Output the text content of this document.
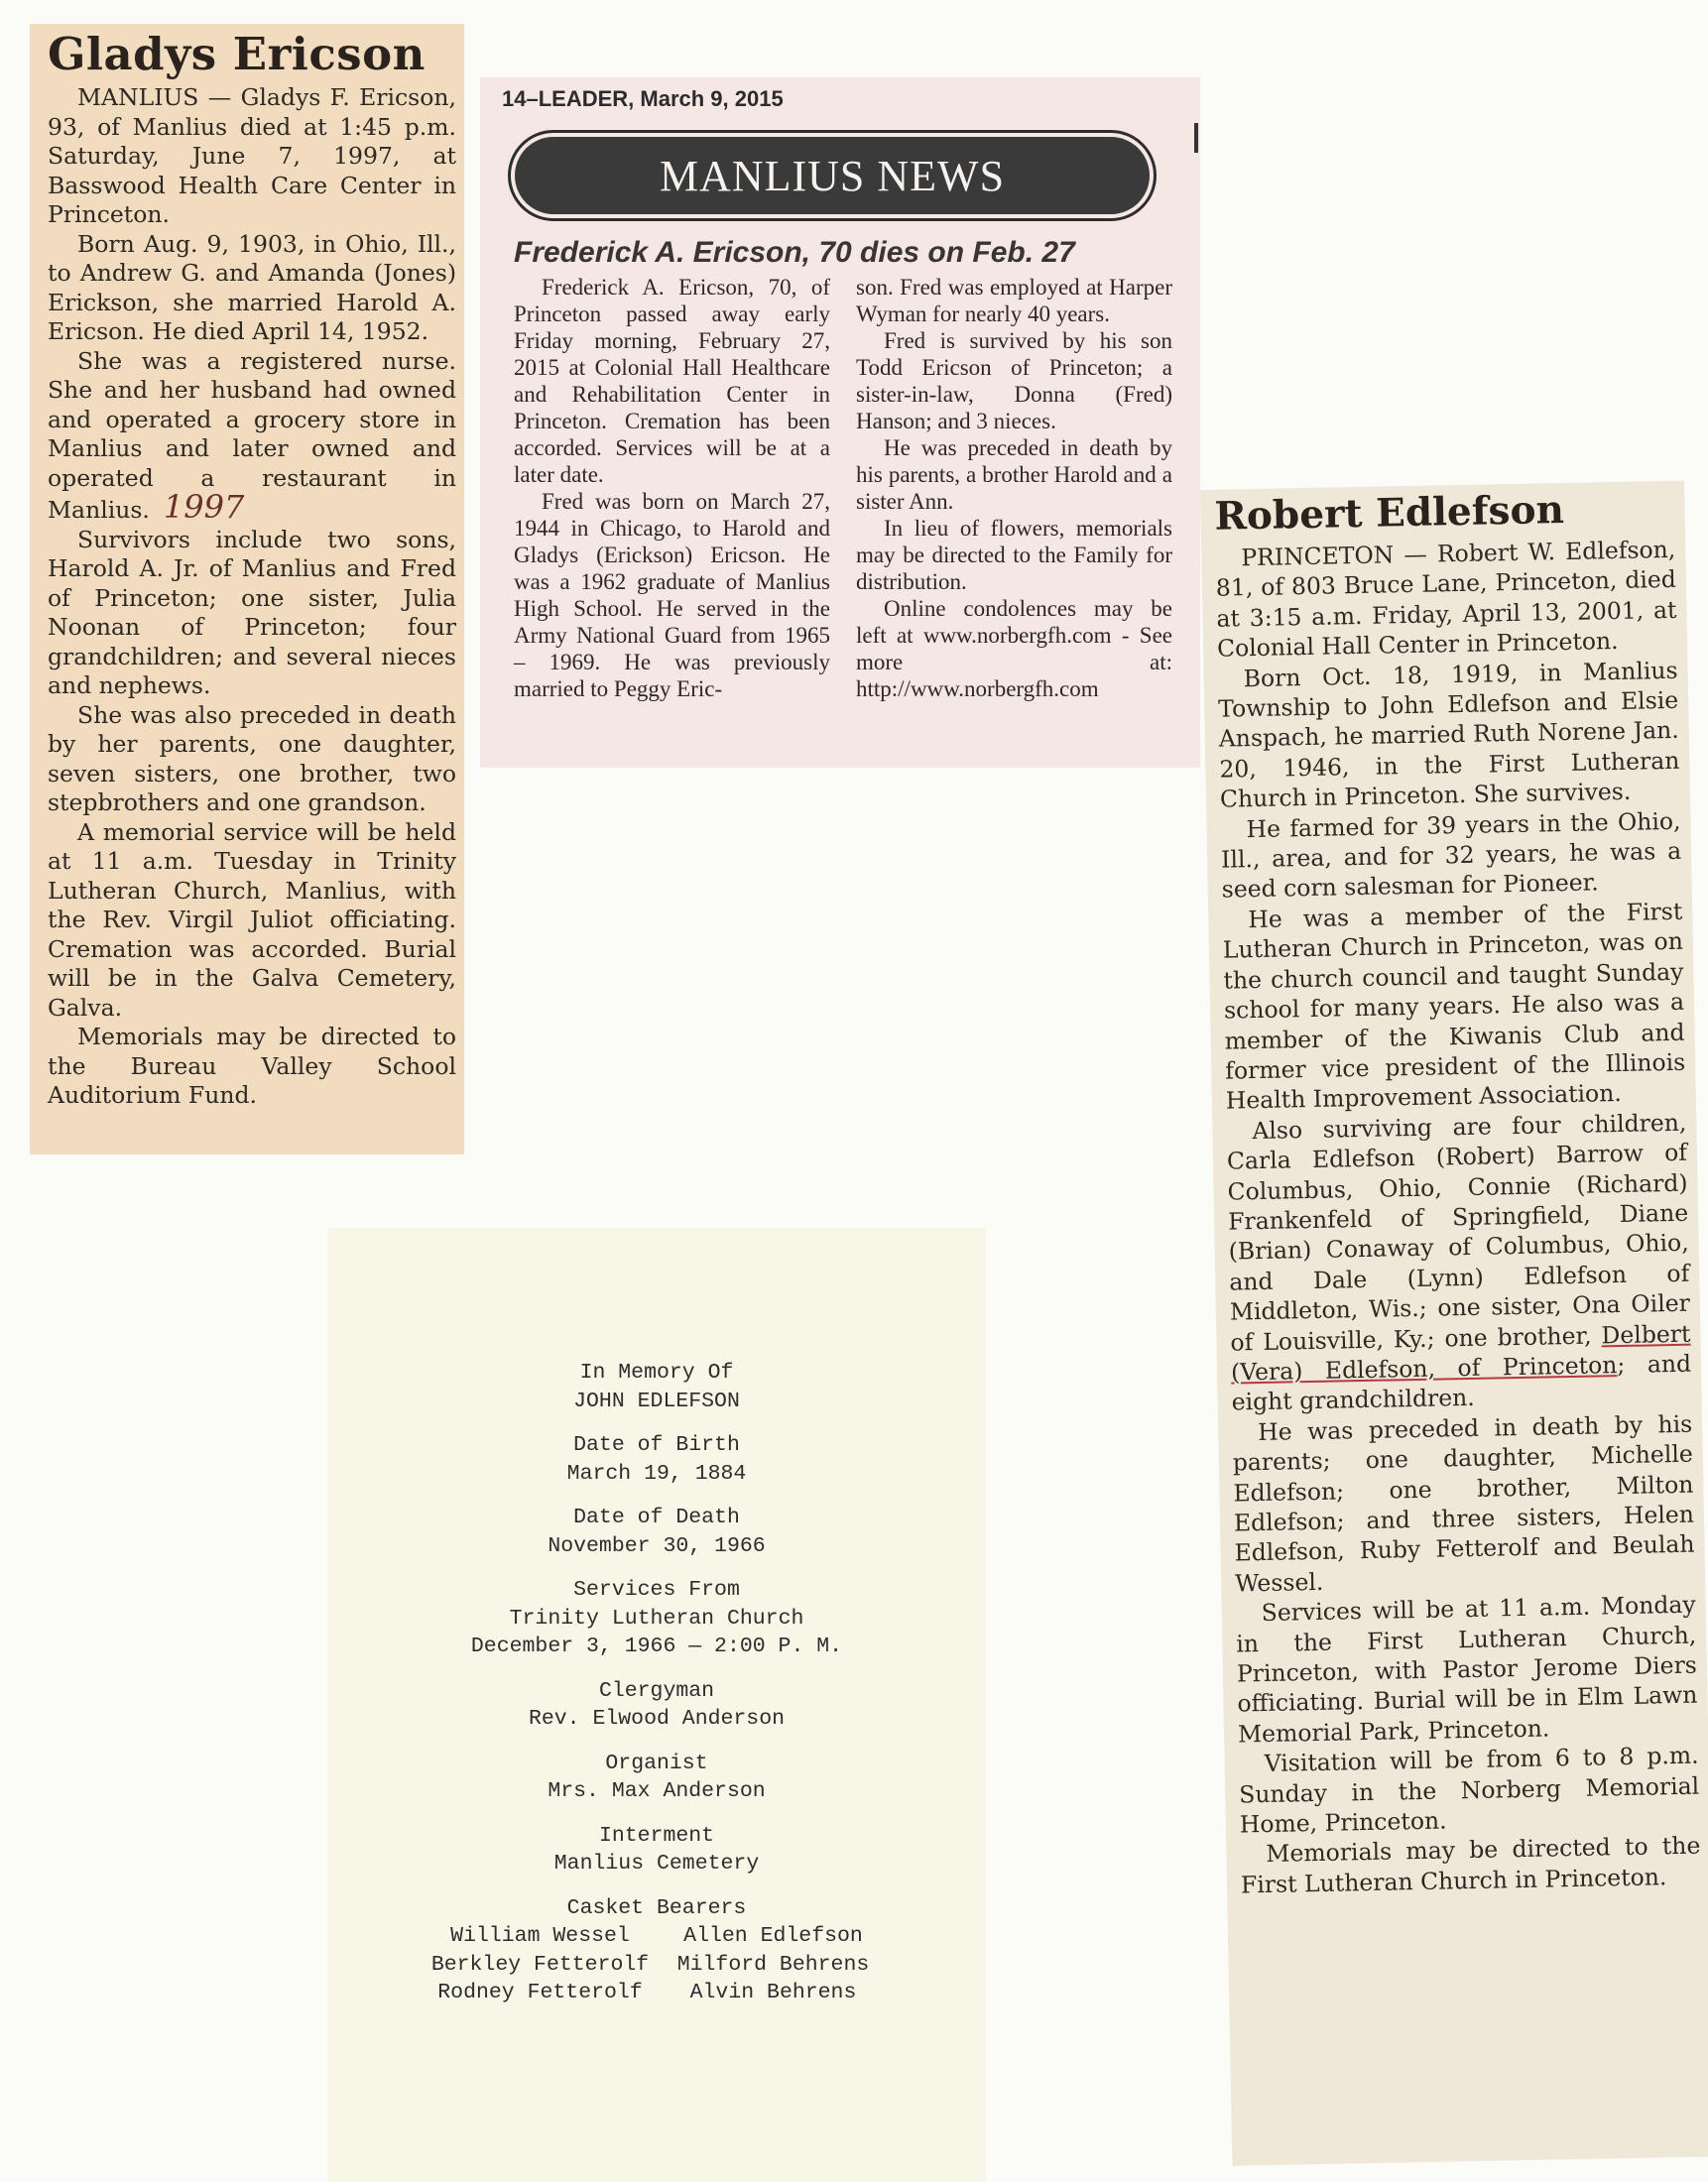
Gladys Ericson

MANLIUS — Gladys F. Ericson, 93, of Manlius died at 1:45 p.m. Saturday, June 7, 1997, at Basswood Health Care Center in Princeton.

Born Aug. 9, 1903, in Ohio, Ill., to Andrew G. and Amanda (Jones) Erickson, she married Harold A. Ericson. He died April 14, 1952.

She was a registered nurse. She and her husband had owned and operated a grocery store in Manlius and later owned and operated a restaurant in Manlius. 1997

Survivors include two sons, Harold A. Jr. of Manlius and Fred of Princeton; one sister, Julia Noonan of Princeton; four grandchildren; and several nieces and nephews.

She was also preceded in death by her parents, one daughter, seven sisters, one brother, two stepbrothers and one grandson.

A memorial service will be held at 11 a.m. Tuesday in Trinity Lutheran Church, Manlius, with the Rev. Virgil Juliot officiating. Cremation was accorded. Burial will be in the Galva Cemetery, Galva.

Memorials may be directed to the Bureau Valley School Auditorium Fund.

14–LEADER, March 9, 2015
MANLIUS NEWS
Frederick A. Ericson, 70 dies on Feb. 27

Frederick A. Ericson, 70, of Princeton passed away early Friday morning, February 27, 2015 at Colonial Hall Healthcare and Rehabilitation Center in Princeton. Cremation has been accorded. Services will be at a later date.

Fred was born on March 27, 1944 in Chicago, to Harold and Gladys (Erickson) Ericson. He was a 1962 graduate of Manlius High School. He served in the Army National Guard from 1965 – 1969. He was previously married to Peggy Eric-

son. Fred was employed at Harper Wyman for nearly 40 years.

Fred is survived by his son Todd Ericson of Princeton; a sister-in-law, Donna (Fred) Hanson; and 3 nieces.

He was preceded in death by his parents, a brother Harold and a sister Ann.

In lieu of flowers, memorials may be directed to the Family for distribution.

Online condolences may be left at www.norbergfh.com - See more at: http://www.norbergfh.com

Robert Edlefson

PRINCETON — Robert W. Edlefson, 81, of 803 Bruce Lane, Princeton, died at 3:15 a.m. Friday, April 13, 2001, at Colonial Hall Center in Princeton.

Born Oct. 18, 1919, in Manlius Township to John Edlefson and Elsie Anspach, he married Ruth Norene Jan. 20, 1946, in the First Lutheran Church in Princeton. She survives.

He farmed for 39 years in the Ohio, Ill., area, and for 32 years, he was a seed corn salesman for Pioneer.

He was a member of the First Lutheran Church in Princeton, was on the church council and taught Sunday school for many years. He also was a member of the Kiwanis Club and former vice president of the Illinois Health Improvement Association.

Also surviving are four children, Carla Edlefson (Robert) Barrow of Columbus, Ohio, Connie (Richard) Frankenfeld of Springfield, Diane (Brian) Conaway of Columbus, Ohio, and Dale (Lynn) Edlefson of Middleton, Wis.; one sister, Ona Oiler of Louisville, Ky.; one brother, Delbert (Vera) Edlefson, of Princeton; and eight grandchildren.

He was preceded in death by his parents; one daughter, Michelle Edlefson; one brother, Milton Edlefson; and three sisters, Helen Edlefson, Ruby Fetterolf and Beulah Wessel.

Services will be at 11 a.m. Monday in the First Lutheran Church, Princeton, with Pastor Jerome Diers officiating. Burial will be in Elm Lawn Memorial Park, Princeton.

Visitation will be from 6 to 8 p.m. Sunday in the Norberg Memorial Home, Princeton.

Memorials may be directed to the First Lutheran Church in Princeton.

In Memory Of
JOHN EDLEFSON
Date of Birth
March 19, 1884
Date of Death
November 30, 1966
Services From
Trinity Lutheran Church
December 3, 1966 — 2:00 P. M.
Clergyman
Rev. Elwood Anderson
Organist
Mrs. Max Anderson
Interment
Manlius Cemetery
Casket Bearers
William Wessel	Allen Edlefson
Berkley Fetterolf	Milford Behrens
Rodney Fetterolf	Alvin Behrens
